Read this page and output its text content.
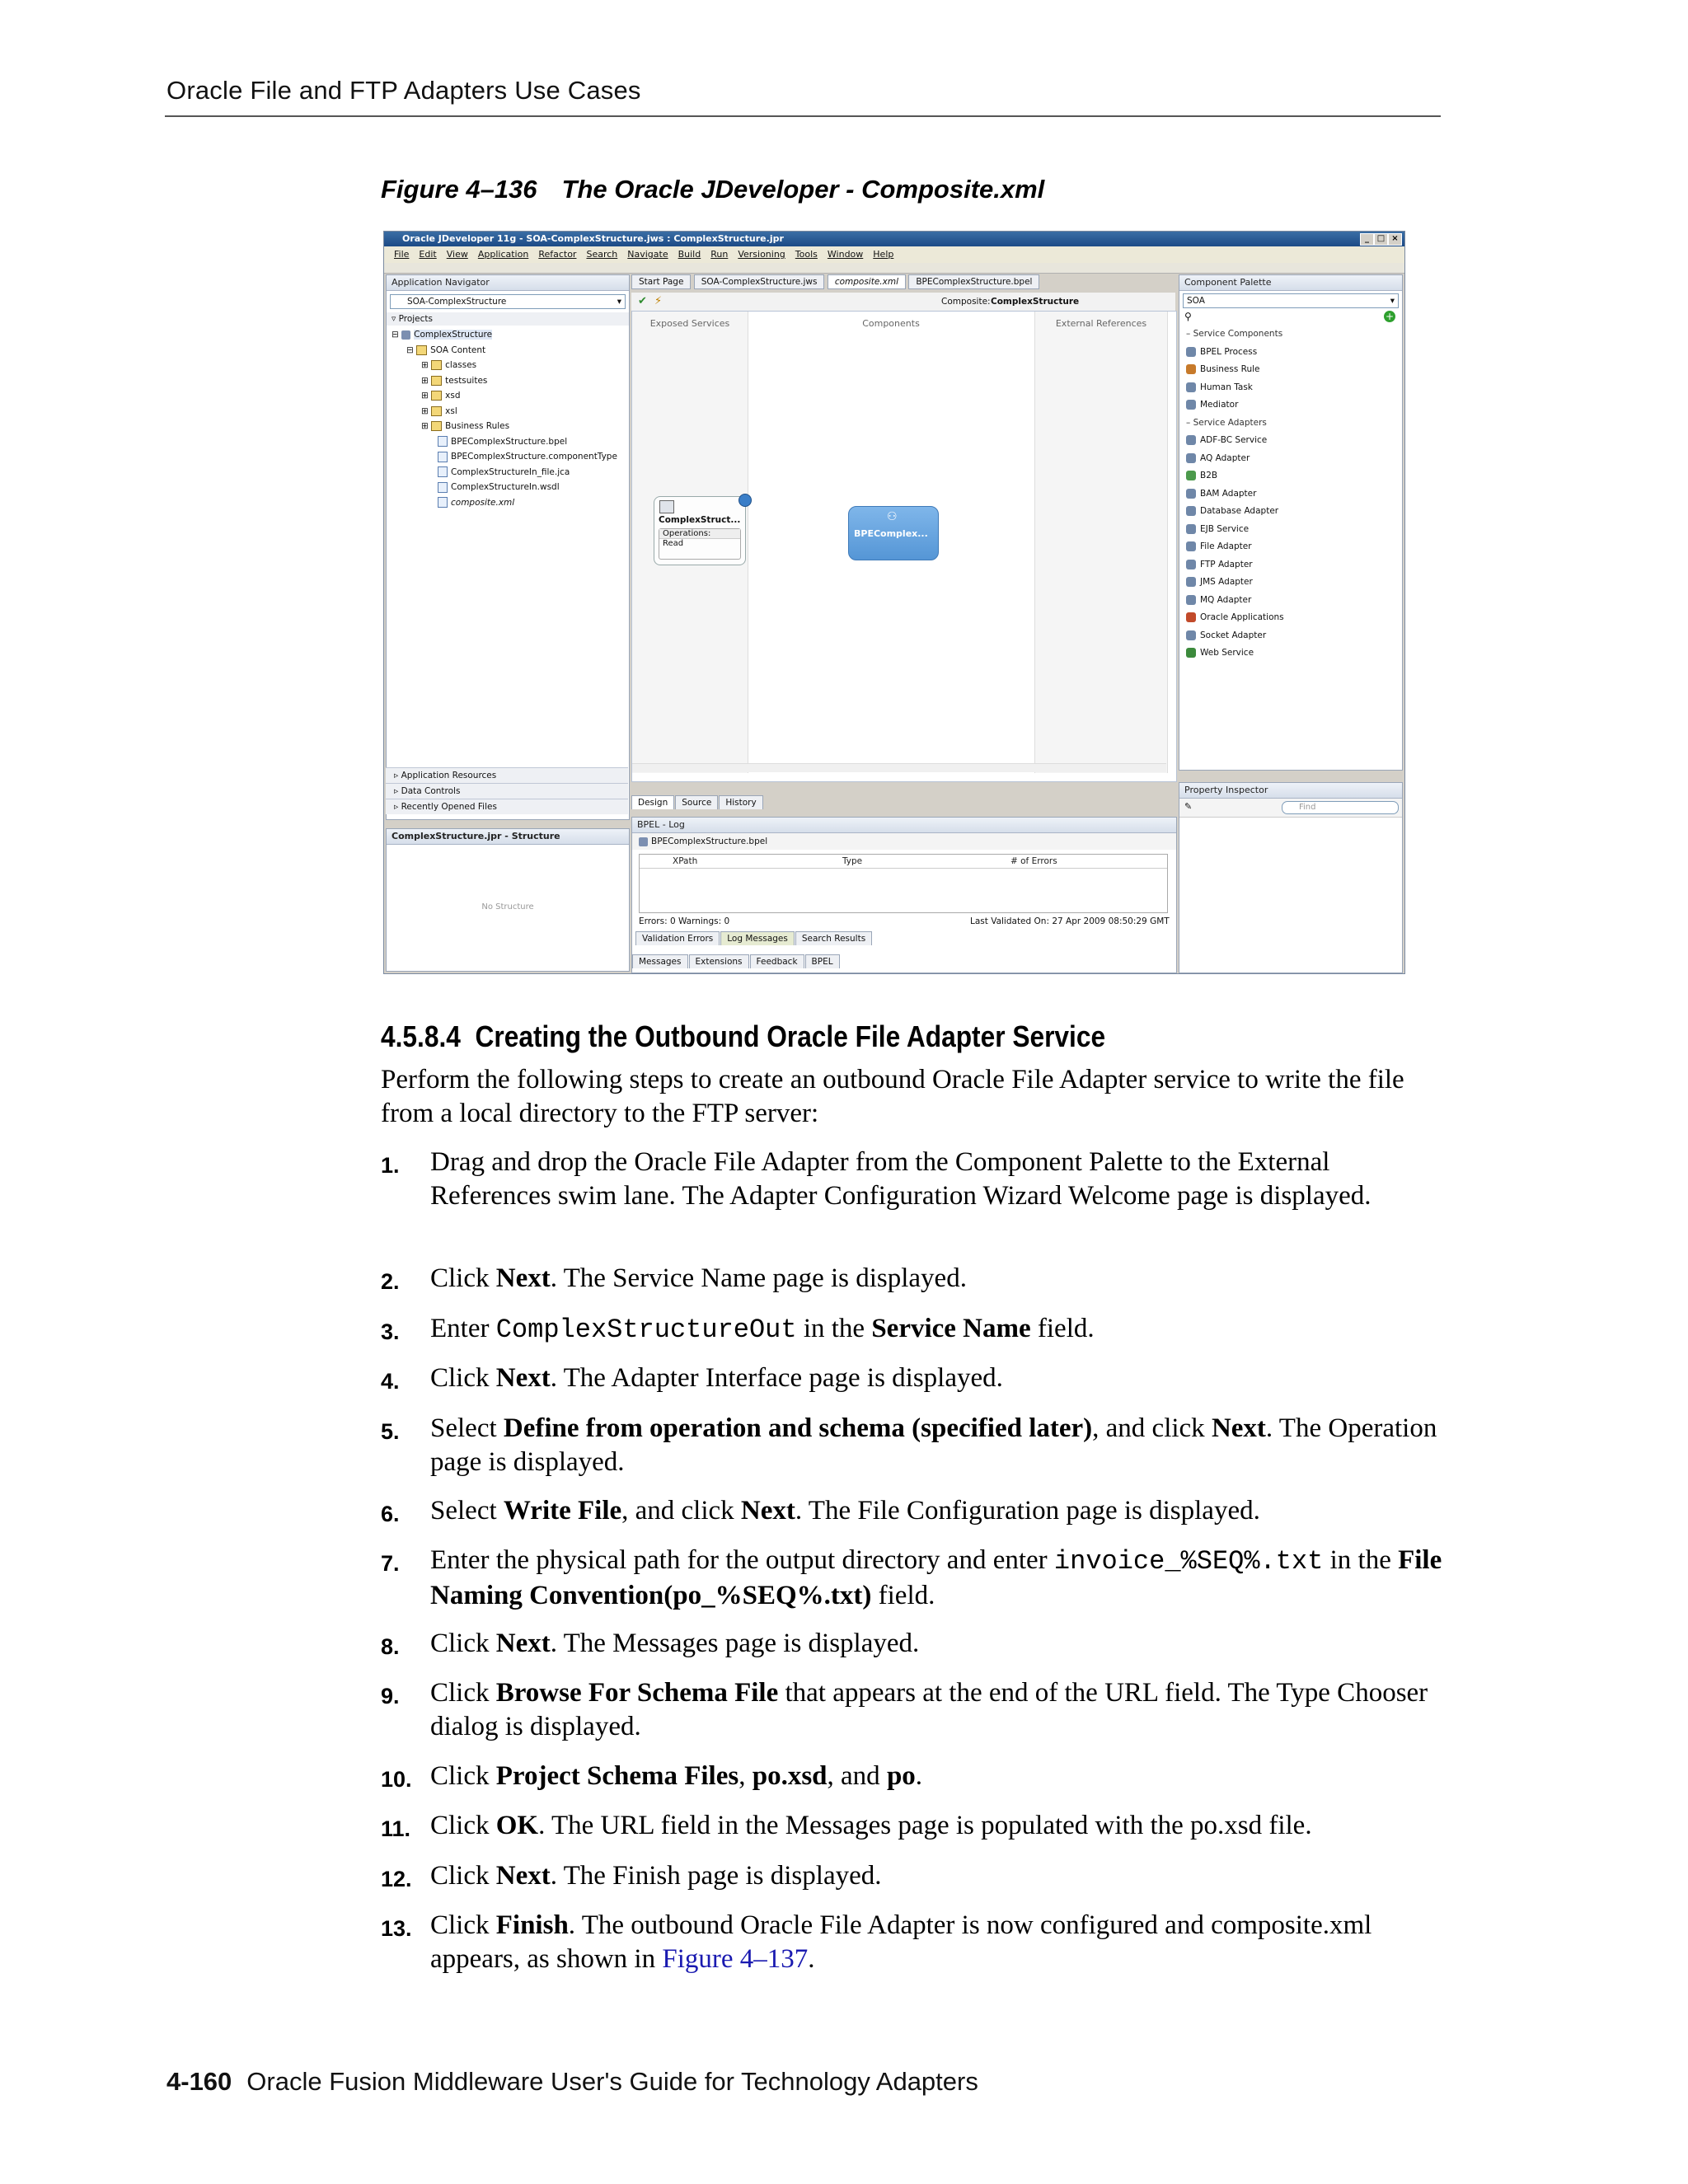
Oracle File and FTP Adapters Use Cases
Figure 4–136 The Oracle JDeveloper - Composite.xml
Oracle JDeveloper 11g - SOA-ComplexStructure.jws : ComplexStructure.jpr	_ □ ×
File Edit View Application Refactor Search Navigate Build Run Versioning Tools Window Help
Application Navigator
SOA-ComplexStructure	▾
▿ Projects
⊟ ComplexStructure
⊟ SOA Content
⊞ classes
⊞ testsuites
⊞ xsd
⊞ xsl
⊞ Business Rules
BPEComplexStructure.bpel
BPEComplexStructure.componentType
ComplexStructureIn_file.jca
ComplexStructureIn.wsdl
composite.xml
▹ Application Resources
▹ Data Controls
▹ Recently Opened Files
ComplexStructure.jpr - Structure
No Structure
Start Page SOA-ComplexStructure.jws composite.xml BPEComplexStructure.bpel
✔ ⚡	Composite: ComplexStructure
Exposed Services	Components	External References
ComplexStruct...
Operations:
Read
⚇
BPEComplex...
Design Source History
BPEL - Log
BPEComplexStructure.bpel
XPath	Type	# of Errors
Errors: 0 Warnings: 0	Last Validated On: 27 Apr 2009 08:50:29 GMT
Validation Errors Log Messages Search Results
Messages Extensions Feedback BPEL
Component Palette
SOA	▾
⚲	+
– Service Components
BPEL Process
Business Rule
Human Task
Mediator
– Service Adapters
ADF-BC Service
AQ Adapter
B2B
BAM Adapter
Database Adapter
EJB Service
File Adapter
FTP Adapter
JMS Adapter
MQ Adapter
Oracle Applications
Socket Adapter
Web Service
Property Inspector
✎	Find
4.5.8.4 Creating the Outbound Oracle File Adapter Service
Perform the following steps to create an outbound Oracle File Adapter service to write the file from a local directory to the FTP server:
1. Drag and drop the Oracle File Adapter from the Component Palette to the External References swim lane. The Adapter Configuration Wizard Welcome page is displayed.
2. Click Next. The Service Name page is displayed.
3. Enter ComplexStructureOut in the Service Name field.
4. Click Next. The Adapter Interface page is displayed.
5. Select Define from operation and schema (specified later), and click Next. The Operation page is displayed.
6. Select Write File, and click Next. The File Configuration page is displayed.
7. Enter the physical path for the output directory and enter invoice_%SEQ%.txt in the File Naming Convention(po_%SEQ%.txt) field.
8. Click Next. The Messages page is displayed.
9. Click Browse For Schema File that appears at the end of the URL field. The Type Chooser dialog is displayed.
10. Click Project Schema Files, po.xsd, and po.
11. Click OK. The URL field in the Messages page is populated with the po.xsd file.
12. Click Next. The Finish page is displayed.
13. Click Finish. The outbound Oracle File Adapter is now configured and composite.xml appears, as shown in Figure 4–137.
4-160 Oracle Fusion Middleware User's Guide for Technology Adapters
